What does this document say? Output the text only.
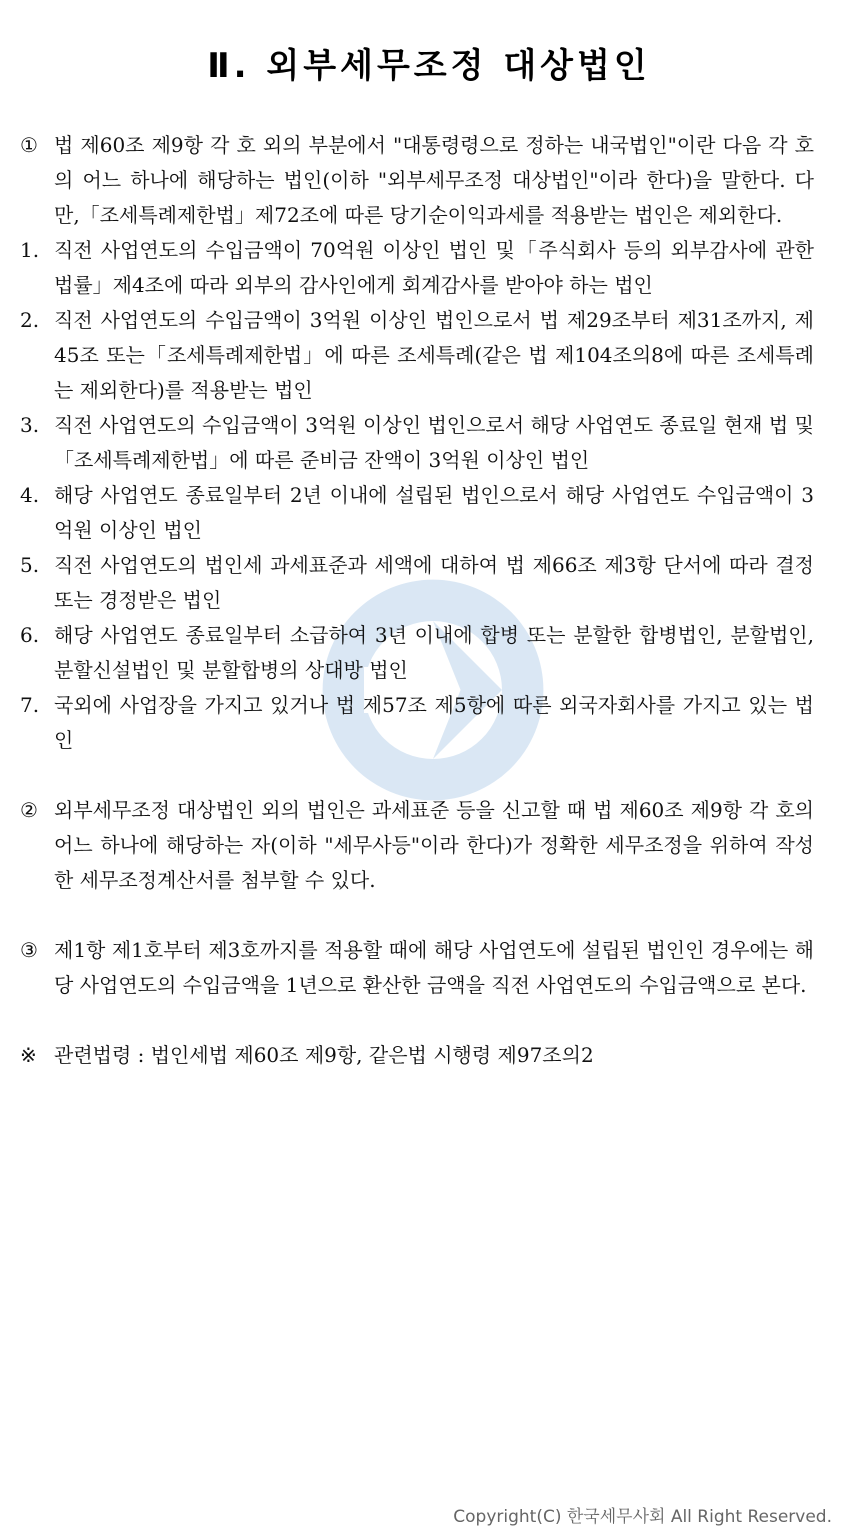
Ⅱ. 외부세무조정 대상법인
① 법 제60조 제9항 각 호 외의 부분에서 "대통령령으로 정하는 내국법인"이란 다음 각 호의 어느 하나에 해당하는 법인(이하 "외부세무조정 대상법인"이라 한다)을 말한다. 다만,「조세특례제한법」제72조에 따른 당기순이익과세를 적용받는 법인은 제외한다.
1. 직전 사업연도의 수입금액이 70억원 이상인 법인 및「주식회사 등의 외부감사에 관한 법률」제4조에 따라 외부의 감사인에게 회계감사를 받아야 하는 법인
2. 직전 사업연도의 수입금액이 3억원 이상인 법인으로서 법 제29조부터 제31조까지, 제45조 또는「조세특례제한법」에 따른 조세특례(같은 법 제104조의8에 따른 조세특례는 제외한다)를 적용받는 법인
3. 직전 사업연도의 수입금액이 3억원 이상인 법인으로서 해당 사업연도 종료일 현재 법 및「조세특례제한법」에 따른 준비금 잔액이 3억원 이상인 법인
4. 해당 사업연도 종료일부터 2년 이내에 설립된 법인으로서 해당 사업연도 수입금액이 3억원 이상인 법인
5. 직전 사업연도의 법인세 과세표준과 세액에 대하여 법 제66조 제3항 단서에 따라 결정 또는 경정받은 법인
6. 해당 사업연도 종료일부터 소급하여 3년 이내에 합병 또는 분할한 합병법인, 분할법인, 분할신설법인 및 분할합병의 상대방 법인
7. 국외에 사업장을 가지고 있거나 법 제57조 제5항에 따른 외국자회사를 가지고 있는 법인
② 외부세무조정 대상법인 외의 법인은 과세표준 등을 신고할 때 법 제60조 제9항 각 호의 어느 하나에 해당하는 자(이하 "세무사등"이라 한다)가 정확한 세무조정을 위하여 작성한 세무조정계산서를 첨부할 수 있다.
③ 제1항 제1호부터 제3호까지를 적용할 때에 해당 사업연도에 설립된 법인인 경우에는 해당 사업연도의 수입금액을 1년으로 환산한 금액을 직전 사업연도의 수입금액으로 본다.
※ 관련법령 : 법인세법 제60조 제9항, 같은법 시행령 제97조의2
Copyright(C) 한국세무사회 All Right Reserved.
